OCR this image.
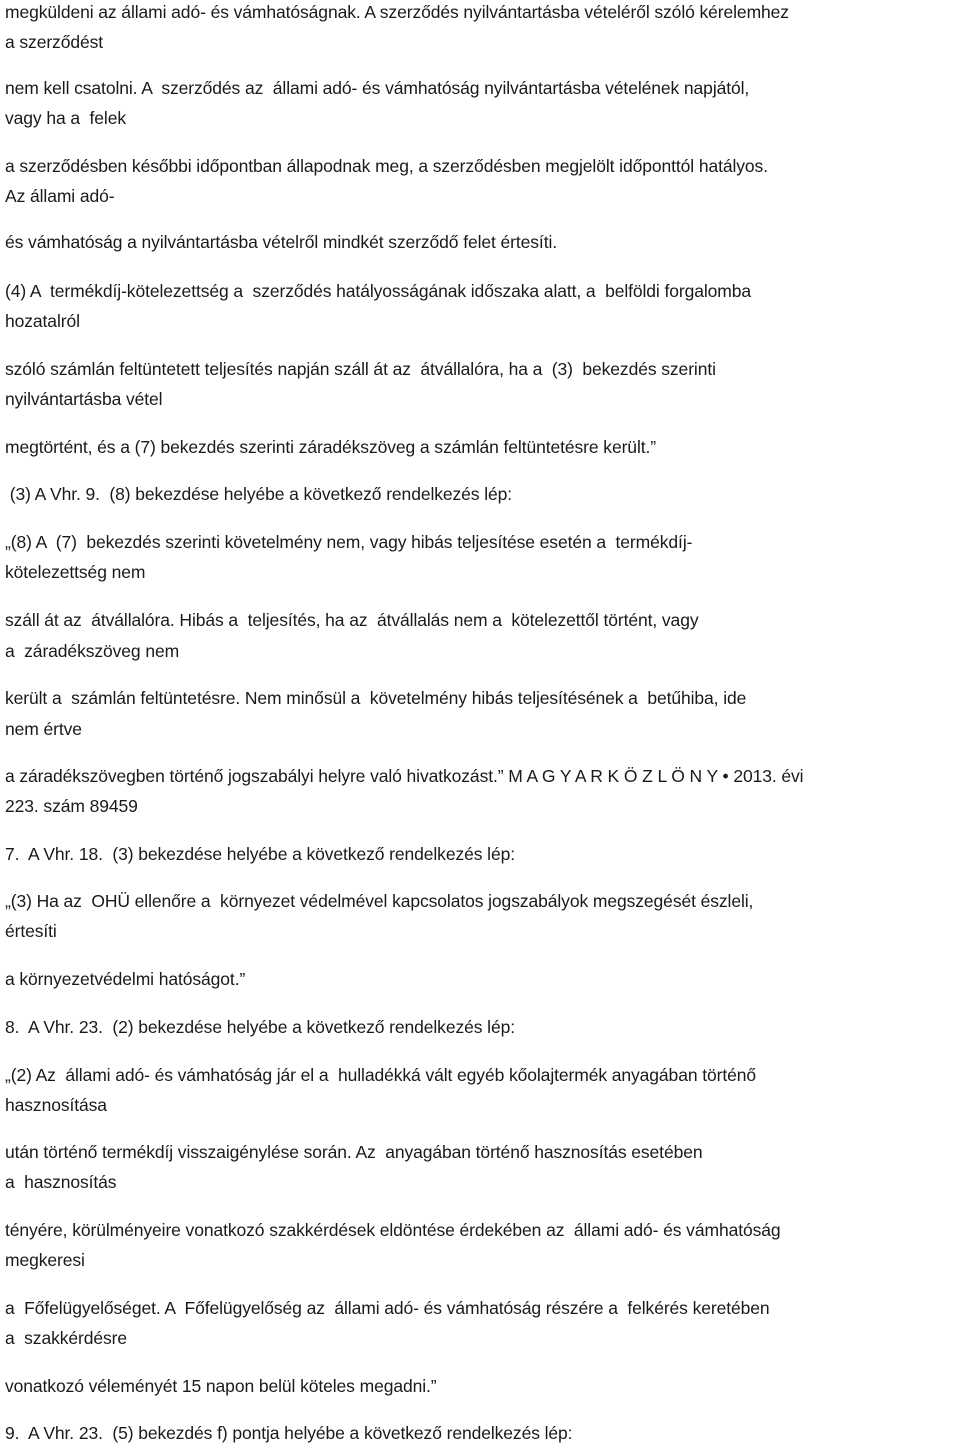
megküldeni az állami adó- és vámhatóságnak. A szerződés nyilvántartásba vételéről szóló kérelemhez

a szerződést

nem kell csatolni. A  szerződés az  állami adó- és vámhatóság nyilvántartásba vételének napjától,

vagy ha a  felek

a szerződésben későbbi időpontban állapodnak meg, a szerződésben megjelölt időponttól hatályos.

Az állami adó-

és vámhatóság a nyilvántartásba vételről mindkét szerződő felet értesíti.

(4) A  termékdíj-kötelezettség a  szerződés hatályosságának időszaka alatt, a  belföldi forgalomba

hozatalról

szóló számlán feltüntetett teljesítés napján száll át az  átvállalóra, ha a  (3)  bekezdés szerinti

nyilvántartásba vétel

megtörtént, és a (7) bekezdés szerinti záradékszöveg a számlán feltüntetésre került.”

(3) A Vhr. 9.  (8) bekezdése helyébe a következő rendelkezés lép:

„(8) A  (7)  bekezdés szerinti követelmény nem, vagy hibás teljesítése esetén a  termékdíj-

kötelezettség nem

száll át az  átvállalóra. Hibás a  teljesítés, ha az  átvállalás nem a  kötelezettől történt, vagy

a  záradékszöveg nem

került a  számlán feltüntetésre. Nem minősül a  követelmény hibás teljesítésének a  betűhiba, ide

nem értve

a záradékszövegben történő jogszabályi helyre való hivatkozást.” M A G Y A R K Ö Z L Ö N Y • 2013. évi

223. szám 89459

7.  A Vhr. 18.  (3) bekezdése helyébe a következő rendelkezés lép:

„(3) Ha az  OHÜ ellenőre a  környezet védelmével kapcsolatos jogszabályok megszegését észleli,

értesíti

a környezetvédelmi hatóságot.”

8.  A Vhr. 23.  (2) bekezdése helyébe a következő rendelkezés lép:

„(2) Az  állami adó- és vámhatóság jár el a  hulladékká vált egyéb kőolajtermék anyagában történő

hasznosítása

után történő termékdíj visszaigénylése során. Az  anyagában történő hasznosítás esetében

a  hasznosítás

tényére, körülményeire vonatkozó szakkérdések eldöntése érdekében az  állami adó- és vámhatóság

megkeresi

a  Főfelügyelőséget. A  Főfelügyelőség az  állami adó- és vámhatóság részére a  felkérés keretében

a  szakkérdésre

vonatkozó véleményét 15 napon belül köteles megadni.”

9.  A Vhr. 23.  (5) bekezdés f) pontja helyébe a következő rendelkezés lép:
